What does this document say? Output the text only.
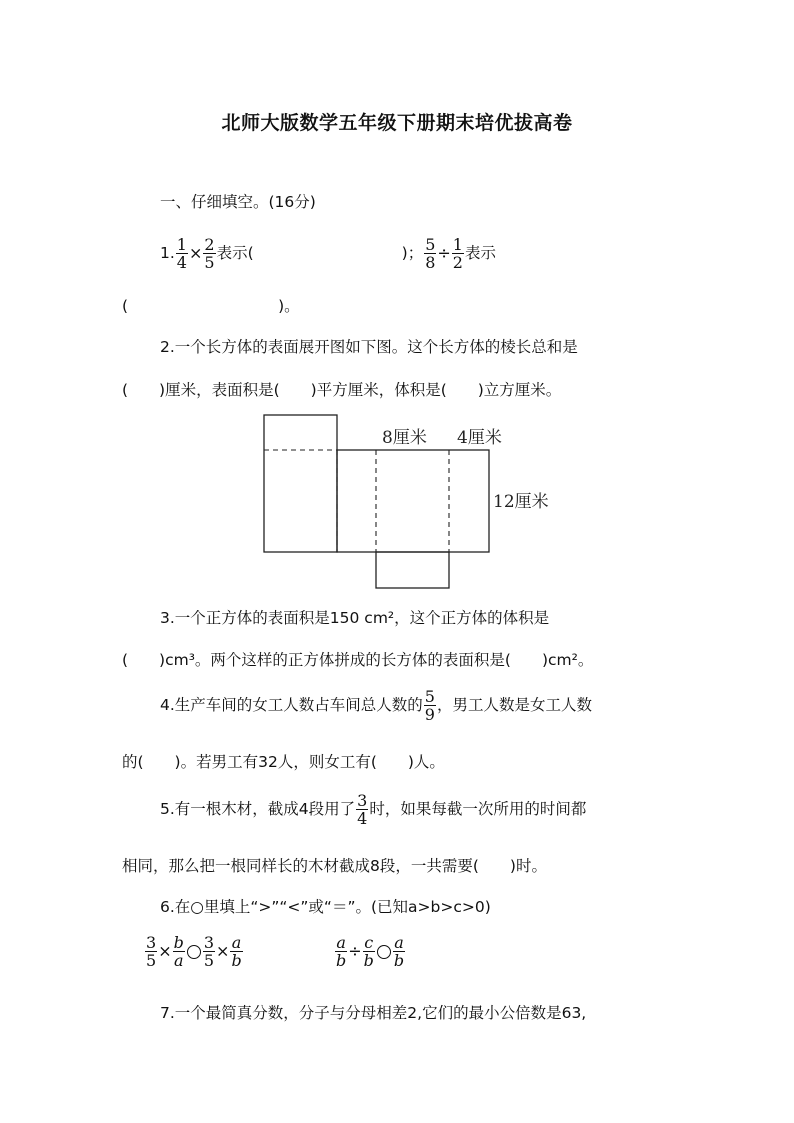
北师大版数学五年级下册期末培优拔高卷
一、仔细填空。(16分)
1. $\frac{1}{4} \times \frac{2}{5}$ 表示(	)； $\frac{5}{8} \div \frac{1}{2}$ 表示
(	)。
2.一个长方体的表面展开图如下图。这个长方体的棱长总和是
(　　)厘米，表面积是(　　)平方厘米，体积是(　　)立方厘米。
8厘米 4厘米
12厘米
3.一个正方体的表面积是150 cm²，这个正方体的体积是
(　　)cm³。两个这样的正方体拼成的长方体的表面积是(　　)cm²。
4.生产车间的女工人数占车间总人数的 $\frac{5}{9}$ ，男工人数是女工人数
的(　　)。若男工有32人，则女工有(　　)人。
5.有一根木材，截成4段用了 $\frac{3}{4}$ 时，如果每截一次所用的时间都
相同，那么把一根同样长的木材截成8段，一共需要(　　)时。
6.在○里填上“>”“<”或“＝”。(已知a>b>c>0)
$\frac{3}{5} \times \frac{b}{a} \frac{3}{5} \times \frac{a}{b}$	$\frac{a}{b} \div \frac{c}{b} \frac{a}{b}$
7.一个最简真分数，分子与分母相差2,它们的最小公倍数是63,
